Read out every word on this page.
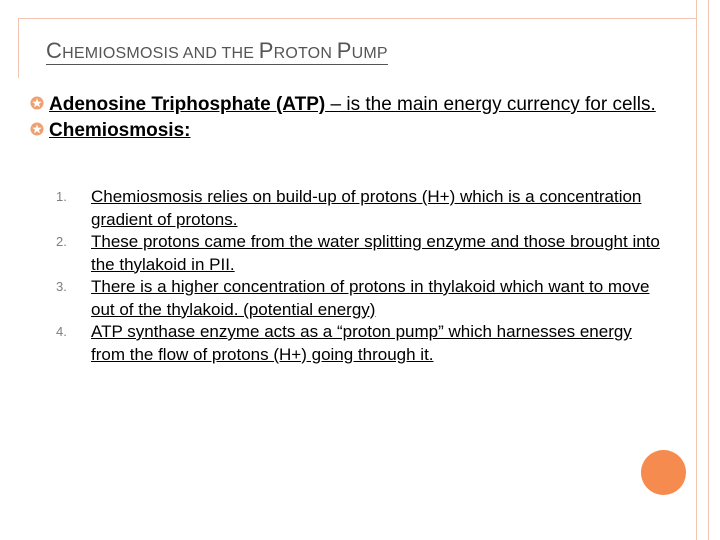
CHEMIOSMOSIS AND THE PROTON PUMP
Adenosine Triphosphate (ATP) – is the main energy currency for cells.
Chemiosmosis:
1. Chemiosmosis relies on build-up of protons (H+) which is a concentration gradient of protons.
2. These protons came from the water splitting enzyme and those brought into the thylakoid in PII.
3. There is a higher concentration of protons in thylakoid which want to move out of the thylakoid. (potential energy)
4. ATP synthase enzyme acts as a “proton pump” which harnesses energy from the flow of protons (H+) going through it.
